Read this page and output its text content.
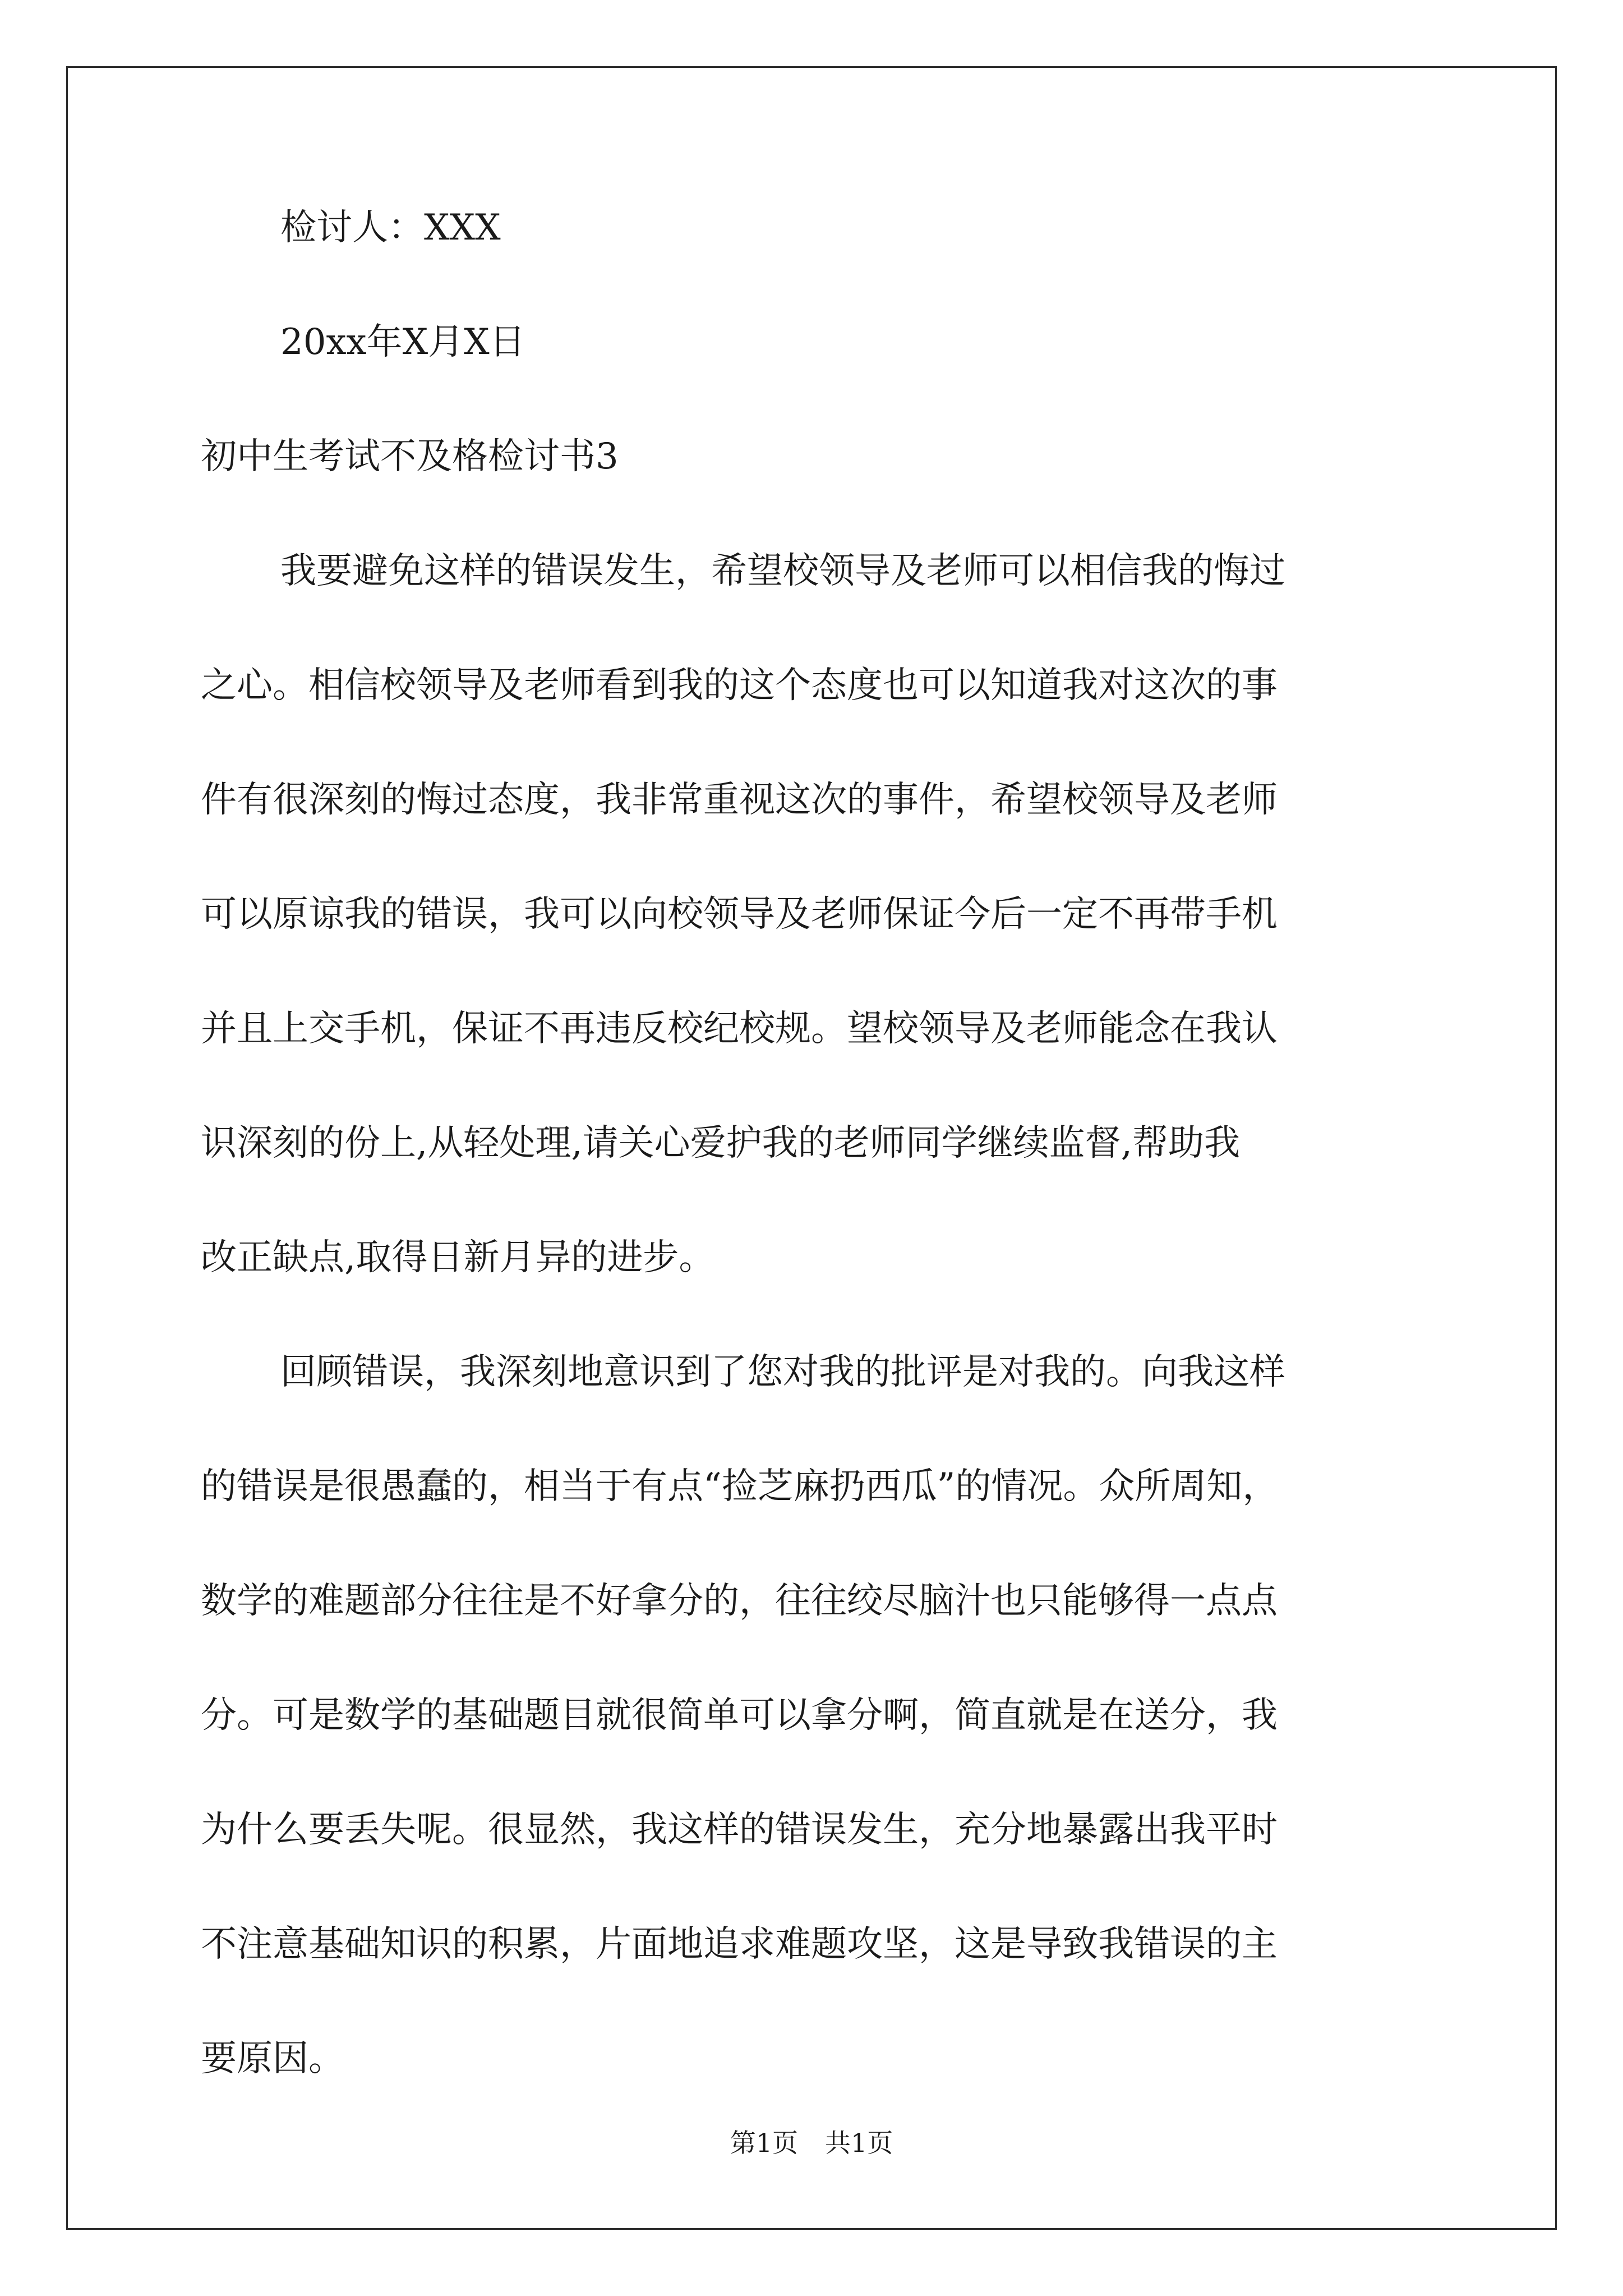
检讨人：XXX
20xx年X月X日
初中生考试不及格检讨书3
我要避免这样的错误发生，希望校领导及老师可以相信我的悔过
之心。相信校领导及老师看到我的这个态度也可以知道我对这次的事
件有很深刻的悔过态度，我非常重视这次的事件，希望校领导及老师
可以原谅我的错误，我可以向校领导及老师保证今后一定不再带手机
并且上交手机，保证不再违反校纪校规。望校领导及老师能念在我认
识深刻的份上,从轻处理,请关心爱护我的老师同学继续监督,帮助我
改正缺点,取得日新月异的进步。
回顾错误，我深刻地意识到了您对我的批评是对我的。向我这样
的错误是很愚蠢的，相当于有点“捡芝麻扔西瓜”的情况。众所周知，
数学的难题部分往往是不好拿分的，往往绞尽脑汁也只能够得一点点
分。可是数学的基础题目就很简单可以拿分啊，简直就是在送分，我
为什么要丢失呢。很显然，我这样的错误发生，充分地暴露出我平时
不注意基础知识的积累，片面地追求难题攻坚，这是导致我错误的主
要原因。
第1页 共1页
